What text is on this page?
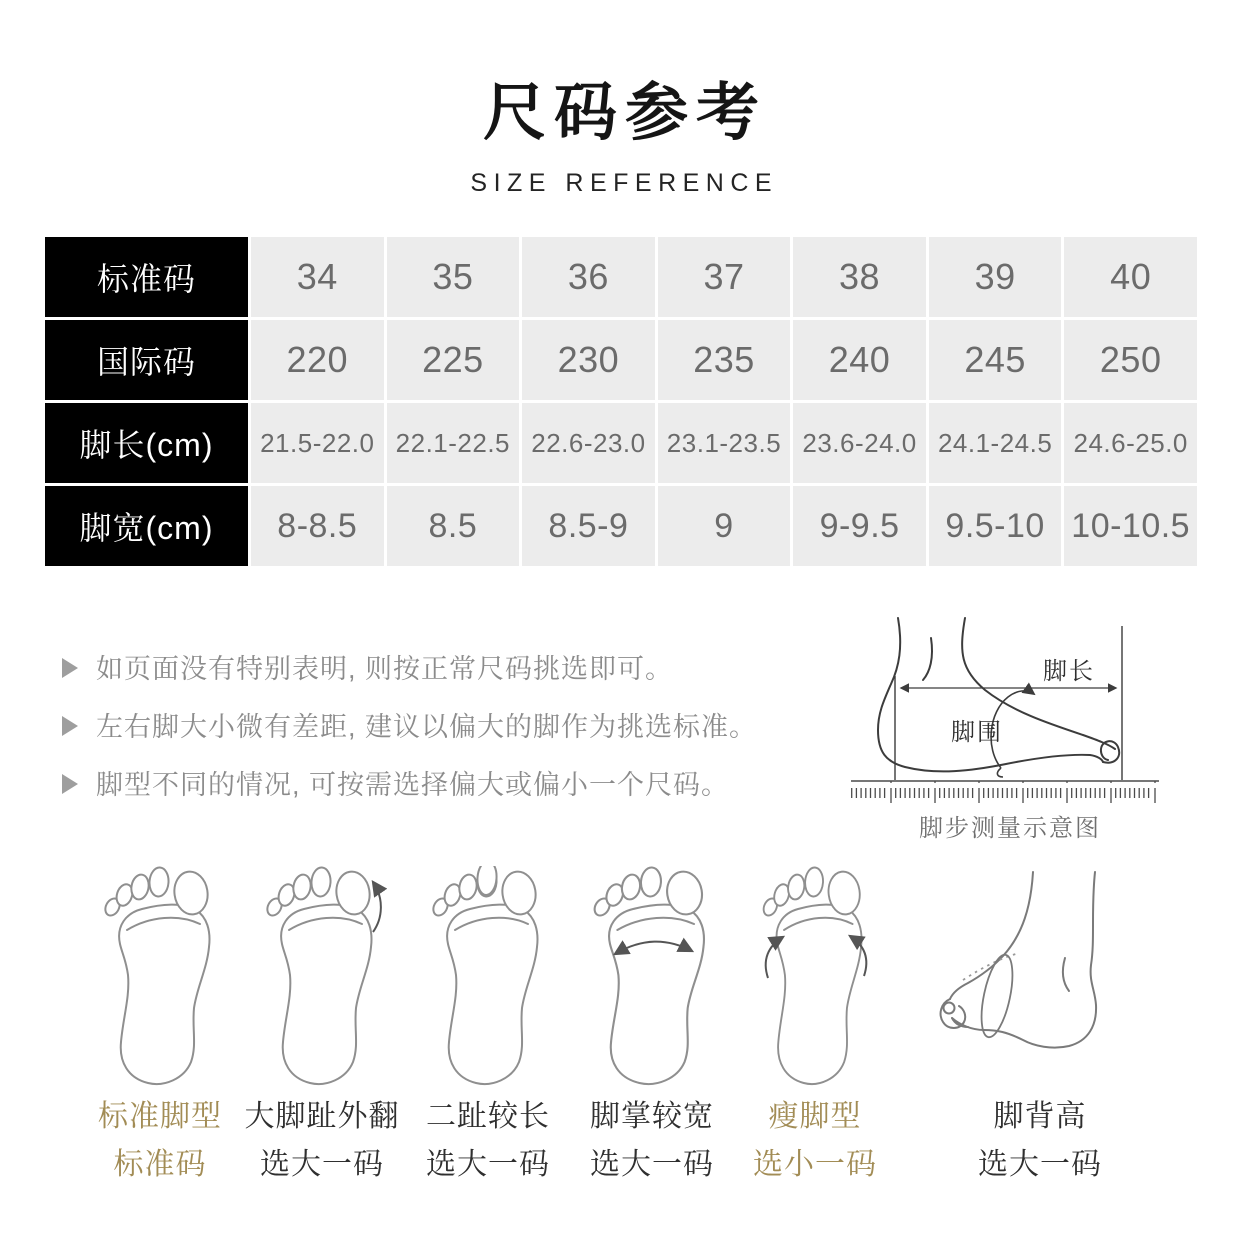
尺码参考
SIZE REFERENCE
标准码	34	35	36	37	38	39	40
国际码	220	225	230	235	240	245	250
脚长(cm)	21.5-22.0 22.1-22.5 22.6-23.0 23.1-23.5 23.6-24.0 24.1-24.5 24.6-25.0
脚宽(cm)	8-8.5	8.5	8.5-9	9	9-9.5	9.5-10 10-10.5
如页面没有特别表明, 则按正常尺码挑选即可。
左右脚大小微有差距, 建议以偏大的脚作为挑选标准。
脚型不同的情况, 可按需选择偏大或偏小一个尺码。
脚长
脚围
脚步测量示意图
标准脚型
标准码
大脚趾外翻
选大一码
二趾较长
选大一码
脚掌较宽
选大一码
瘦脚型
选小一码
脚背高
选大一码
